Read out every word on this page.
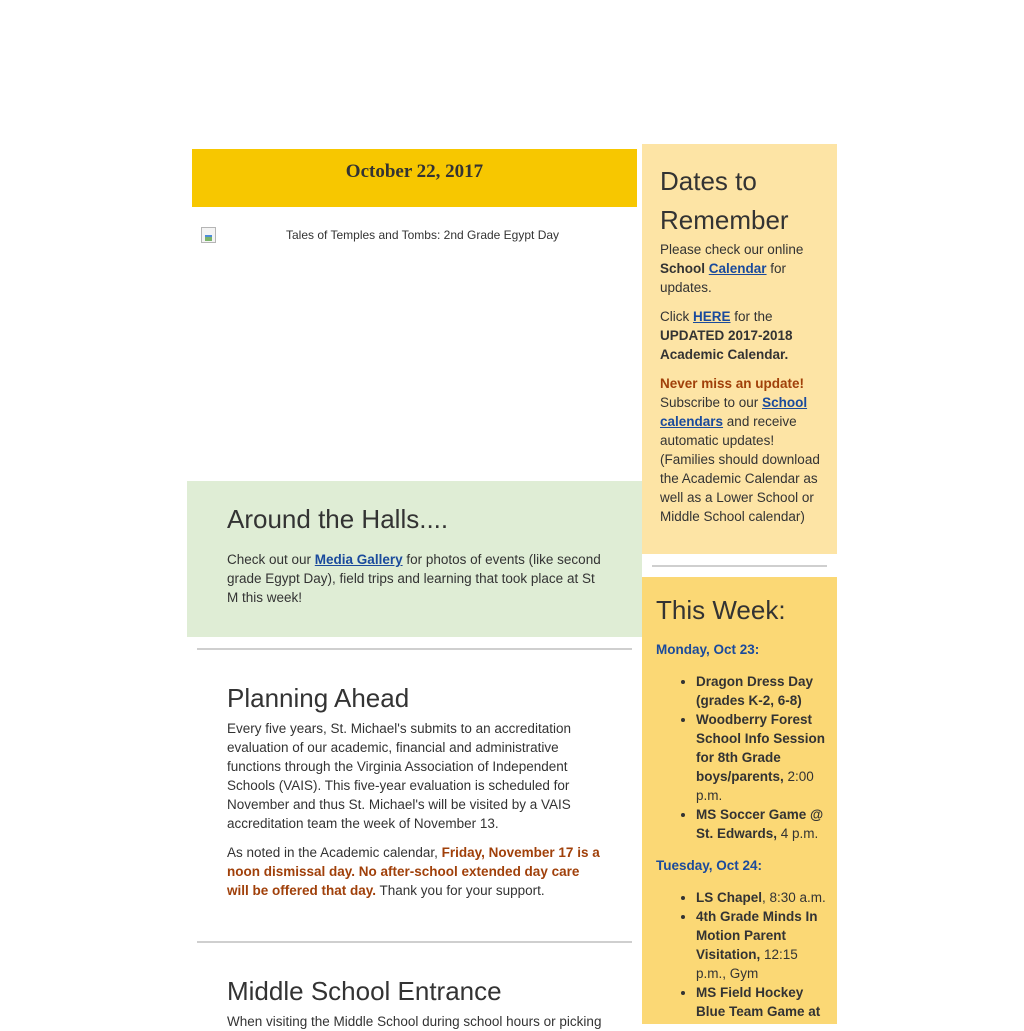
October 22, 2017

Tales of Temples and Tombs: 2nd Grade Egypt Day
Around the Halls....

Check out our Media Gallery for photos of events (like second grade Egypt Day), field trips and learning that took place at St M this week!

Planning Ahead

Every five years, St. Michael's submits to an accreditation evaluation of our academic, financial and administrative functions through the Virginia Association of Independent Schools (VAIS). This five-year evaluation is scheduled for November and thus St. Michael's will be visited by a VAIS accreditation team the week of November 13.

As noted in the Academic calendar, Friday, November 17 is a noon dismissal day. No after-school extended day care will be offered that day. Thank you for your support.

Middle School Entrance

When visiting the Middle School during school hours or picking

Dates to Remember

Please check our online School Calendar for updates.

Click HERE for the UPDATED 2017-2018 Academic Calendar.

Never miss an update!
Subscribe to our School calendars and receive automatic updates! (Families should download the Academic Calendar as well as a Lower School or Middle School calendar)

This Week:

Monday, Oct 23:

• Dragon Dress Day (grades K-2, 6-8)
• Woodberry Forest School Info Session for 8th Grade boys/parents, 2:00 p.m.
• MS Soccer Game @ St. Edwards, 4 p.m.

Tuesday, Oct 24:

• LS Chapel, 8:30 a.m.
• 4th Grade Minds In Motion Parent Visitation, 12:15 p.m., Gym
• MS Field Hockey Blue Team Game at
